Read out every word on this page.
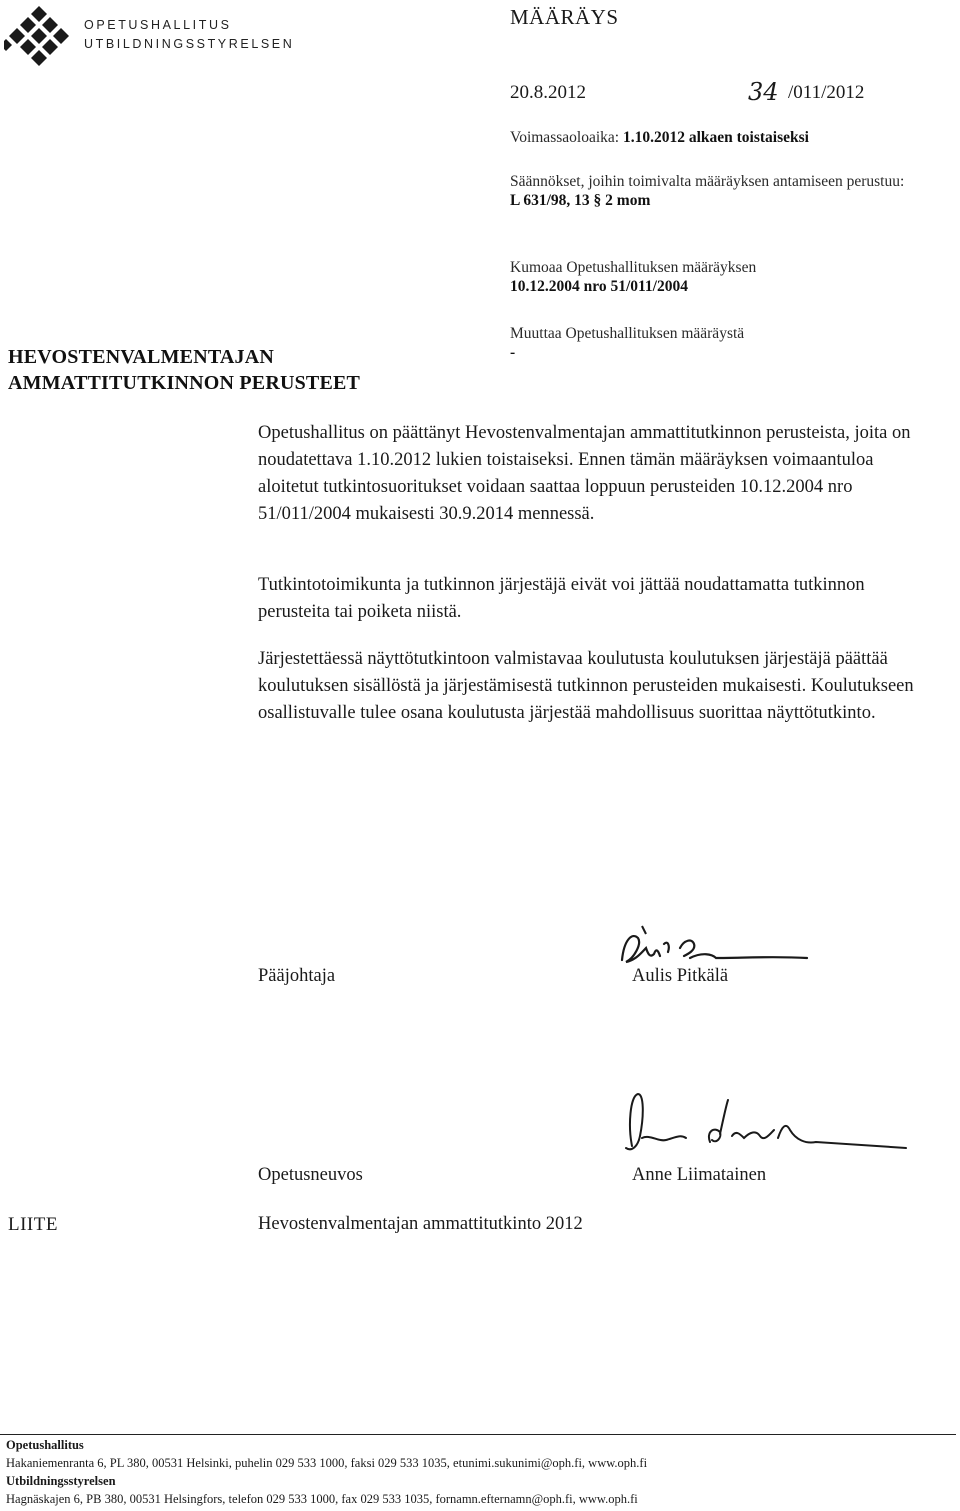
OPETUSHALLITUS
UTBILDNINGSSTYRELSEN
MÄÄRÄYS
20.8.2012	34 /011/2012
Voimassaoloaika: 1.10.2012 alkaen toistaiseksi
Säännökset, joihin toimivalta määräyksen antamiseen perustuu:
L 631/98, 13 § 2 mom
Kumoaa Opetushallituksen määräyksen
10.12.2004 nro 51/011/2004
Muuttaa Opetushallituksen määräystä
-
HEVOSTENVALMENTAJAN
AMMATTITUTKINNON PERUSTEET
Opetushallitus on päättänyt Hevostenvalmentajan ammattitutkinnon perusteista, joita on noudatettava 1.10.2012 lukien toistaiseksi. Ennen tämän määräyksen voimaantuloa aloitetut tutkintosuoritukset voidaan saattaa loppuun perusteiden 10.12.2004 nro 51/011/2004 mukaisesti 30.9.2014 mennessä.
Tutkintotoimikunta ja tutkinnon järjestäjä eivät voi jättää noudattamatta tutkinnon perusteita tai poiketa niistä.
Järjestettäessä näyttötutkintoon valmistavaa koulutusta koulutuksen järjestäjä päättää koulutuksen sisällöstä ja järjestämisestä tutkinnon perusteiden mukaisesti. Koulutukseen osallistuvalle tulee osana koulutusta järjestää mahdollisuus suorittaa näyttötutkinto.
Pääjohtaja	Aulis Pitkälä
Opetusneuvos	Anne Liimatainen
LIITE	Hevostenvalmentajan ammattitutkinto 2012
Opetushallitus
Hakaniemenranta 6, PL 380, 00531 Helsinki, puhelin 029 533 1000, faksi 029 533 1035, etunimi.sukunimi@oph.fi, www.oph.fi
Utbildningsstyrelsen
Hagnäskajen 6, PB 380, 00531 Helsingfors, telefon 029 533 1000, fax 029 533 1035, fornamn.efternamn@oph.fi, www.oph.fi
